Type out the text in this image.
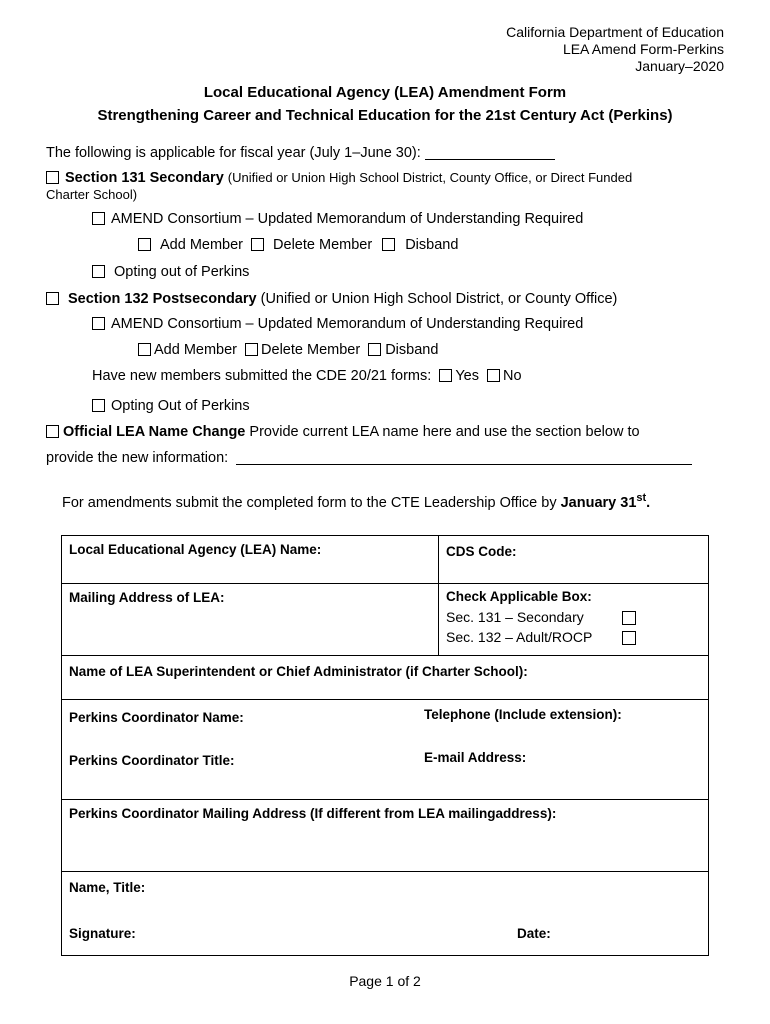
California Department of Education
LEA Amend Form-Perkins
January–2020
Local Educational Agency (LEA) Amendment Form
Strengthening Career and Technical Education for the 21st Century Act (Perkins)
The following is applicable for fiscal year (July 1–June 30):
Section 131 Secondary (Unified or Union High School District, County Office, or Direct Funded
Charter School)
AMEND Consortium – Updated Memorandum of Understanding Required
Add Member Delete Member Disband
Opting out of Perkins
Section 132 Postsecondary (Unified or Union High School District, or County Office)
AMEND Consortium – Updated Memorandum of Understanding Required
Add Member Delete Member Disband
Have new members submitted the CDE 20/21 forms: Yes No
Opting Out of Perkins
Official LEA Name Change Provide current LEA name here and use the section below to
provide the new information:
For amendments submit the completed form to the CTE Leadership Office by January 31st.
Local Educational Agency (LEA) Name:	CDS Code:
Mailing Address of LEA:	Check Applicable Box:
Sec. 131 – Secondary
Sec. 132 – Adult/ROCP

Name of LEA Superintendent or Chief Administrator (if Charter School):	

Perkins Coordinator Name: Telephone (Include extension):
Perkins Coordinator Title: E-mail Address:	

Perkins Coordinator Mailing Address (If different from LEA mailingaddress):	

Name, Title:
Signature: Date:	
Page 1 of 2
